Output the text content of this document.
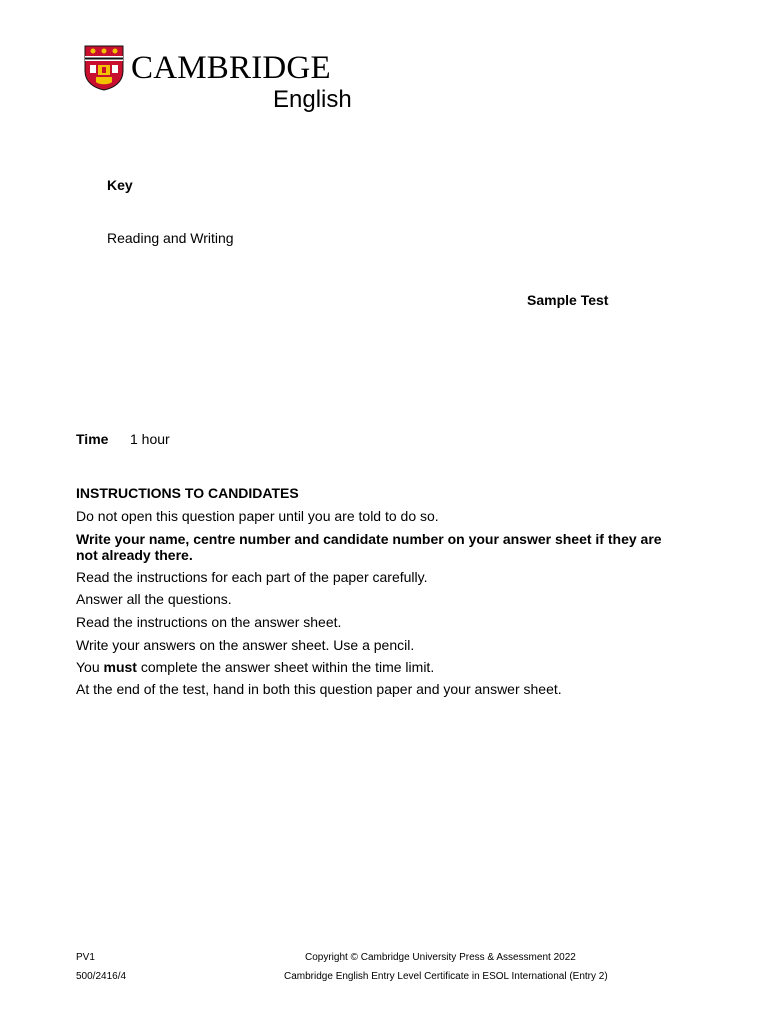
CAMBRIDGE
English
Key
Reading and Writing
Sample Test
Time 1 hour
INSTRUCTIONS TO CANDIDATES
Do not open this question paper until you are told to do so.
Write your name, centre number and candidate number on your answer sheet if they are not already there.
Read the instructions for each part of the paper carefully.
Answer all the questions.
Read the instructions on the answer sheet.
Write your answers on the answer sheet. Use a pencil.
You must complete the answer sheet within the time limit.
At the end of the test, hand in both this question paper and your answer sheet.
PV1
500/2416/4
Copyright © Cambridge University Press & Assessment 2022
Cambridge English Entry Level Certificate in ESOL International (Entry 2)
